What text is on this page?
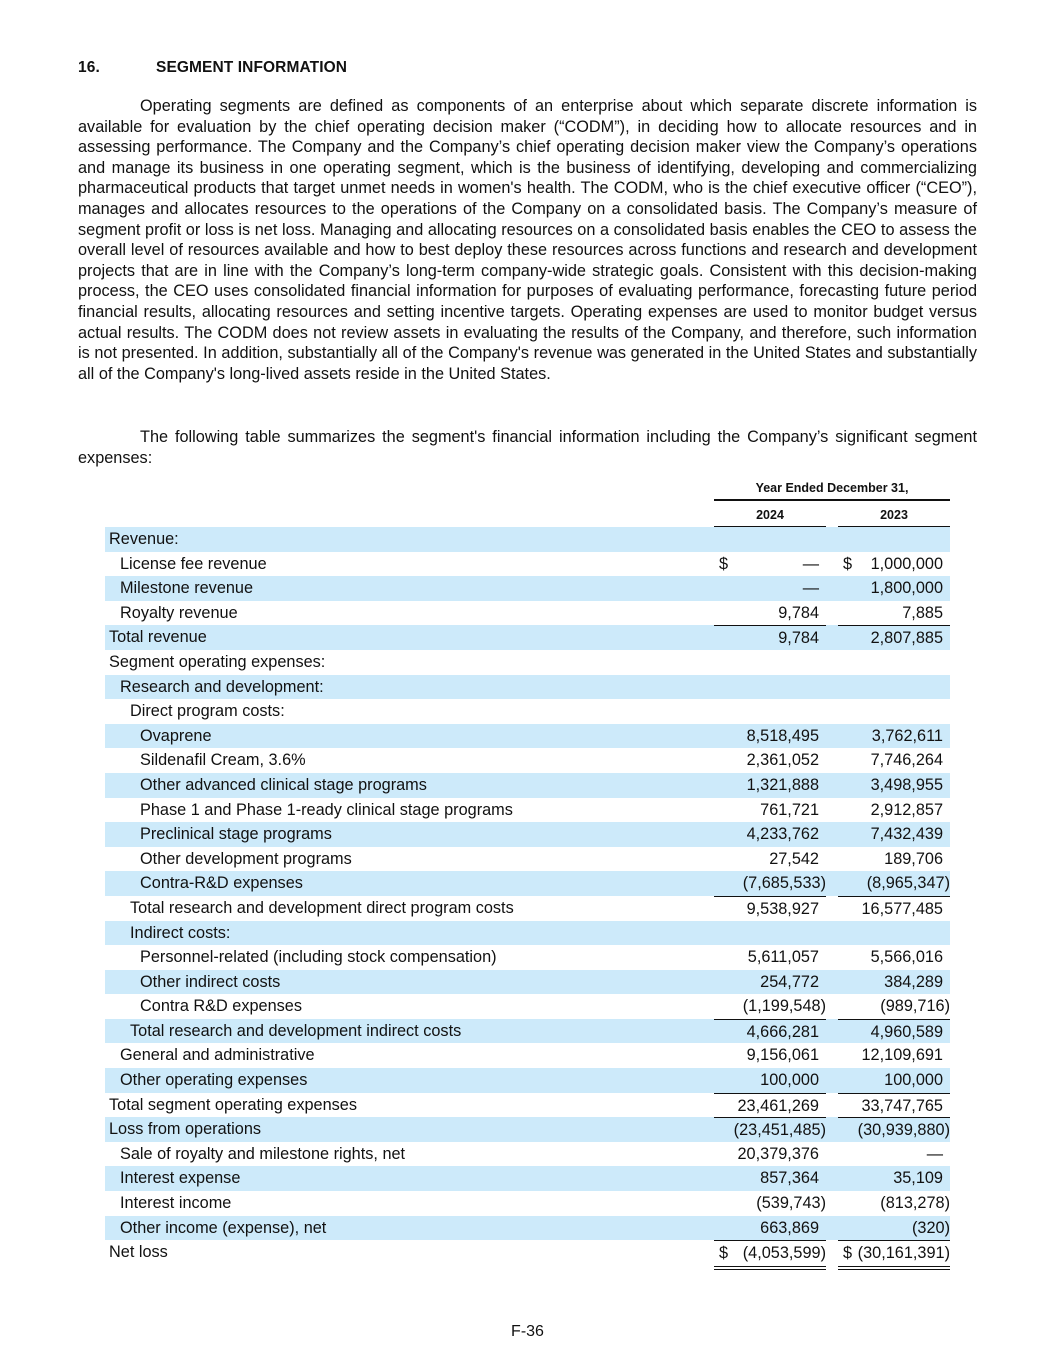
16.	SEGMENT INFORMATION

Operating segments are defined as components of an enterprise about which separate discrete information is available for evaluation by the chief operating decision maker (“CODM”), in deciding how to allocate resources and in assessing performance. The Company and the Company’s chief operating decision maker view the Company’s operations and manage its business in one operating segment, which is the business of identifying, developing and commercializing pharmaceutical products that target unmet needs in women's health. The CODM, who is the chief executive officer (“CEO”), manages and allocates resources to the operations of the Company on a consolidated basis. The Company’s measure of segment profit or loss is net loss. Managing and allocating resources on a consolidated basis enables the CEO to assess the overall level of resources available and how to best deploy these resources across functions and research and development projects that are in line with the Company’s long-term company-wide strategic goals. Consistent with this decision-making process, the CEO uses consolidated financial information for purposes of evaluating performance, forecasting future period financial results, allocating resources and setting incentive targets. Operating expenses are used to monitor budget versus actual results. The CODM does not review assets in evaluating the results of the Company, and therefore, such information is not presented. In addition, substantially all of the Company's revenue was generated in the United States and substantially all of the Company's long-lived assets reside in the United States.

The following table summarizes the segment's financial information including the Company’s significant segment expenses:

Year Ended December 31,
2024	2023
Revenue:
License fee revenue	$	— $ 1,000,000
Milestone revenue	—	1,800,000
Royalty revenue	9,784	7,885
Total revenue	9,784	2,807,885
Segment operating expenses:
Research and development:
Direct program costs:
Ovaprene	8,518,495	3,762,611
Sildenafil Cream, 3.6%	2,361,052	7,746,264
Other advanced clinical stage programs	1,321,888	3,498,955
Phase 1 and Phase 1-ready clinical stage programs	761,721	2,912,857
Preclinical stage programs	4,233,762	7,432,439
Other development programs	27,542	189,706
Contra-R&D expenses	(7,685,533) (8,965,347)
Total research and development direct program costs	9,538,927	16,577,485
Indirect costs:
Personnel-related (including stock compensation)	5,611,057	5,566,016
Other indirect costs	254,772	384,289
Contra R&D expenses	(1,199,548)	(989,716)
Total research and development indirect costs	4,666,281	4,960,589
General and administrative	9,156,061	12,109,691
Other operating expenses	100,000	100,000
Total segment operating expenses	23,461,269	33,747,765
Loss from operations	(23,451,485) (30,939,880)
Sale of royalty and milestone rights, net	20,379,376	—
Interest expense	857,364	35,109
Interest income	(539,743)	(813,278)
Other income (expense), net	663,869	(320)
Net loss	$ (4,053,599) $ (30,161,391)
F-36
